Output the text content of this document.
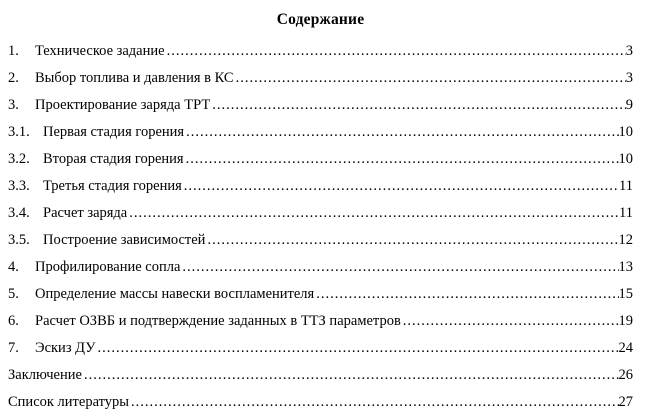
Содержание
1.	Техническое задание .....	3
2.	Выбор топлива и давления в КС .....	3
3.	Проектирование заряда ТРТ .....	9
3.1. Первая стадия горения .....	10
3.2. Вторая стадия горения .....	10
3.3. Третья стадия горения .....	11
3.4. Расчет заряда .....	11
3.5. Построение зависимостей .....	12
4.	Профилирование сопла .....	13
5.	Определение массы навески воспламенителя .....	15
6.	Расчет ОЗВБ и подтверждение заданных в ТТЗ параметров .....	19
7.	Эскиз ДУ .....	24
Заключение .....	26
Список литературы .....	27
